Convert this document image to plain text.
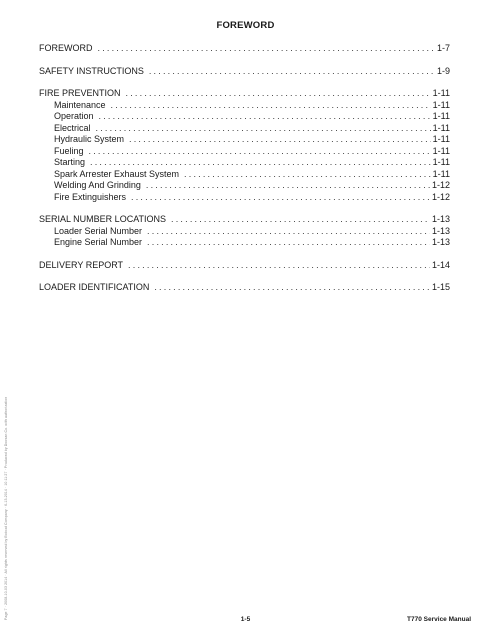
FOREWORD
FOREWORD .....	1-7
SAFETY INSTRUCTIONS .....	1-9
FIRE PREVENTION .....	1-11
Maintenance .....	1-11
Operation .....	1-11
Electrical .....	1-11
Hydraulic System .....	1-11
Fueling .....	1-11
Starting .....	1-11
Spark Arrester Exhaust System .....	1-11
Welding And Grinding .....	1-12
Fire Extinguishers .....	1-12
SERIAL NUMBER LOCATIONS .....	1-13
Loader Serial Number .....	1-13
Engine Serial Number .....	1-13
DELIVERY REPORT .....	1-14
LOADER IDENTIFICATION .....	1-15
Page 7 · 2008-10-03 2014 · All rights reserved by Bobcat Company · 6-13-2014 · 10:11:27 · Produced by Doosan Co. with authorization	1-5	T770 Service Manual
